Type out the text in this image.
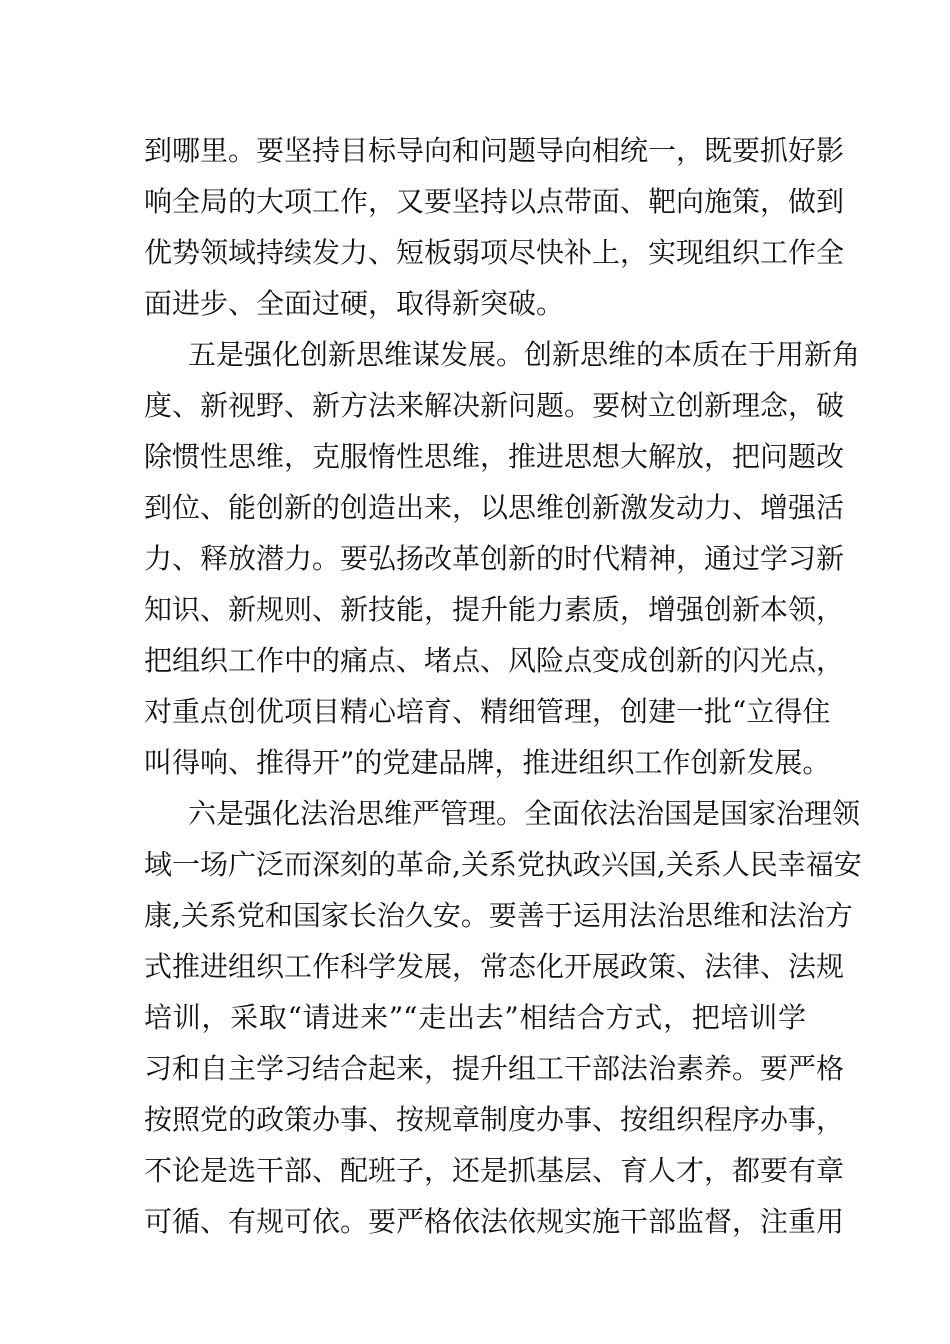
到哪里。要坚持目标导向和问题导向相统一，既要抓好影
响全局的大项工作，又要坚持以点带面、靶向施策，做到
优势领域持续发力、短板弱项尽快补上，实现组织工作全
面进步、全面过硬，取得新突破。
五是强化创新思维谋发展。创新思维的本质在于用新角
度、新视野、新方法来解决新问题。要树立创新理念，破
除惯性思维，克服惰性思维，推进思想大解放，把问题改
到位、能创新的创造出来，以思维创新激发动力、增强活
力、释放潜力。要弘扬改革创新的时代精神，通过学习新
知识、新规则、新技能，提升能力素质，增强创新本领，
把组织工作中的痛点、堵点、风险点变成创新的闪光点，
对重点创优项目精心培育、精细管理，创建一批“立得住
叫得响、推得开”的党建品牌，推进组织工作创新发展。
六是强化法治思维严管理。全面依法治国是国家治理领
域一场广泛而深刻的革命,关系党执政兴国,关系人民幸福安
康,关系党和国家长治久安。要善于运用法治思维和法治方
式推进组织工作科学发展，常态化开展政策、法律、法规
培训，采取“请进来”“走出去”相结合方式，把培训学
习和自主学习结合起来，提升组工干部法治素养。要严格
按照党的政策办事、按规章制度办事、按组织程序办事，
不论是选干部、配班子，还是抓基层、育人才，都要有章
可循、有规可依。要严格依法依规实施干部监督，注重用
